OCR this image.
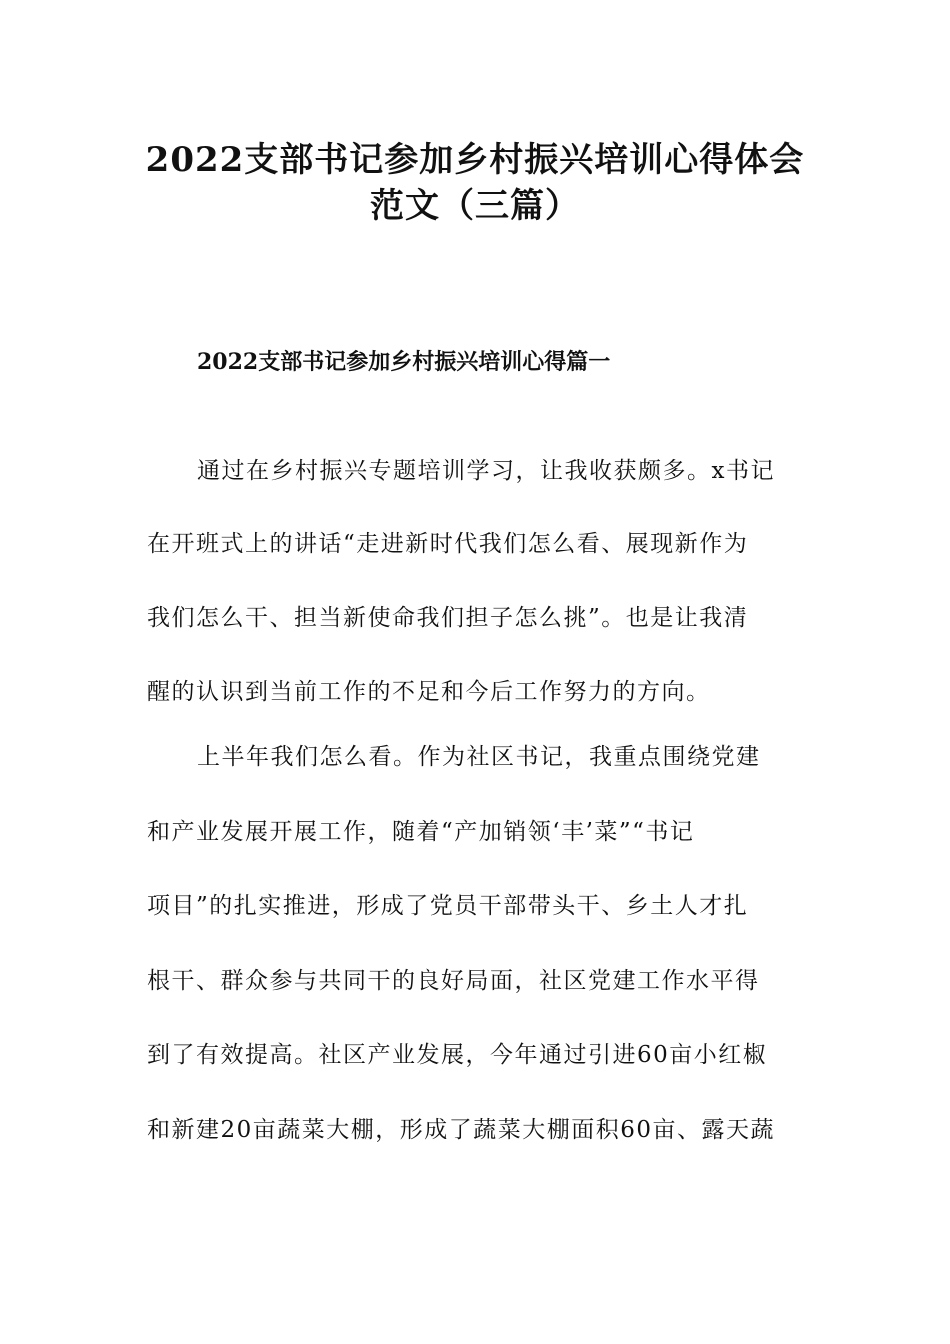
2022支部书记参加乡村振兴培训心得体会
范文（三篇）
2022支部书记参加乡村振兴培训心得篇一
通过在乡村振兴专题培训学习，让我收获颇多。x书记
在开班式上的讲话“走进新时代我们怎么看、展现新作为
我们怎么干、担当新使命我们担子怎么挑”。也是让我清
醒的认识到当前工作的不足和今后工作努力的方向。
上半年我们怎么看。作为社区书记，我重点围绕党建
和产业发展开展工作，随着“产加销领‘丰’菜”“书记
项目”的扎实推进，形成了党员干部带头干、乡土人才扎
根干、群众参与共同干的良好局面，社区党建工作水平得
到了有效提高。社区产业发展，今年通过引进60亩小红椒
和新建20亩蔬菜大棚，形成了蔬菜大棚面积60亩、露天蔬
